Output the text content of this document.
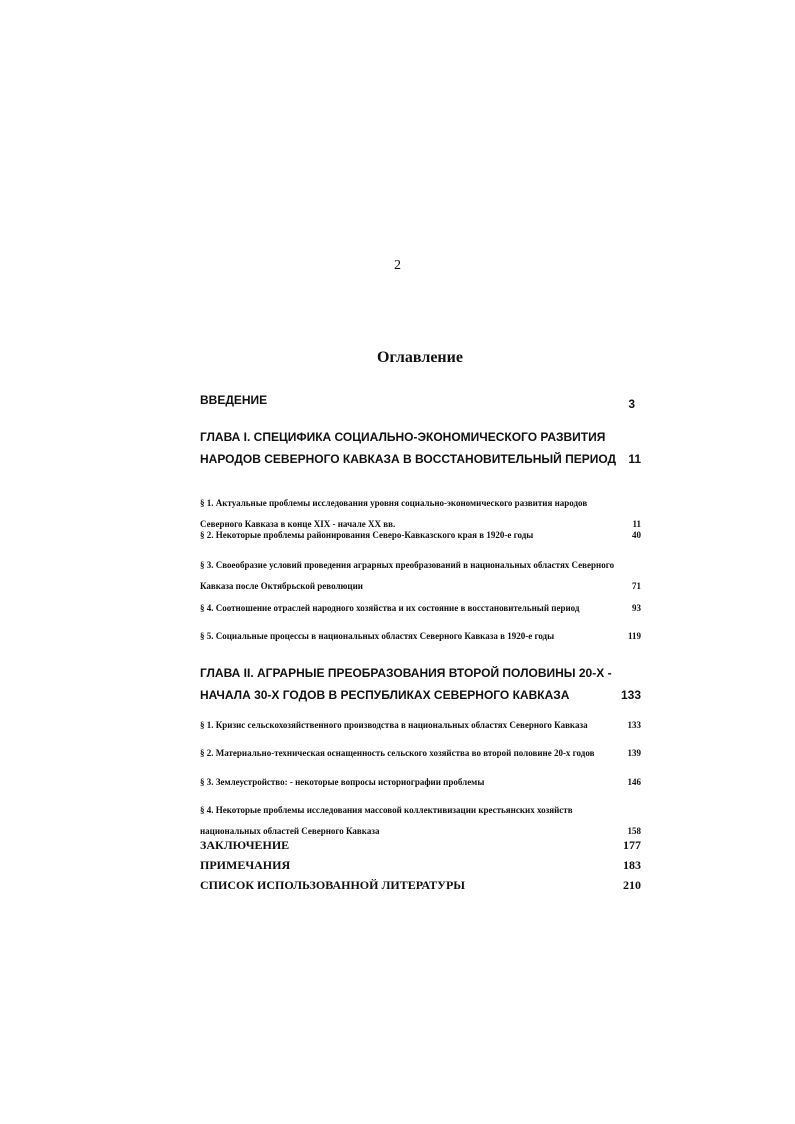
2
Оглавление
ВВЕДЕНИЕ	3
ГЛАВА I. СПЕЦИФИКА СОЦИАЛЬНО-ЭКОНОМИЧЕСКОГО РАЗВИТИЯ
НАРОДОВ СЕВЕРНОГО КАВКАЗА В ВОССТАНОВИТЕЛЬНЫЙ ПЕРИОД	11
§ 1. Актуальные проблемы исследования уровня социально-экономического развития народов
Северного Кавказа в конце XIX - начале XX вв.	11
§ 2. Некоторые проблемы районирования Северо-Кавказского края в 1920-е годы	40
§ 3. Своеобразие условий проведения аграрных преобразований в национальных областях Северного
Кавказа после Октябрьской революции	71
§ 4. Соотношение отраслей народного хозяйства и их состояние в восстановительный период	93
§ 5. Социальные процессы в национальных областях Северного Кавказа в 1920-е годы	119
ГЛАВА II. АГРАРНЫЕ ПРЕОБРАЗОВАНИЯ ВТОРОЙ ПОЛОВИНЫ 20-Х -
НАЧАЛА 30-Х ГОДОВ В РЕСПУБЛИКАХ СЕВЕРНОГО КАВКАЗА	133
§ 1. Кризис сельскохозяйственного производства в национальных областях Северного Кавказа	133
§ 2. Материально-техническая оснащенность сельского хозяйства во второй половине 20-х годов	139
§ 3. Землеустройство: - некоторые вопросы историографии проблемы	146
§ 4. Некоторые проблемы исследования массовой коллективизации крестьянских хозяйств
национальных областей Северного Кавказа	158
ЗАКЛЮЧЕНИЕ	177
ПРИМЕЧАНИЯ	183
СПИСОК ИСПОЛЬЗОВАННОЙ ЛИТЕРАТУРЫ	210
